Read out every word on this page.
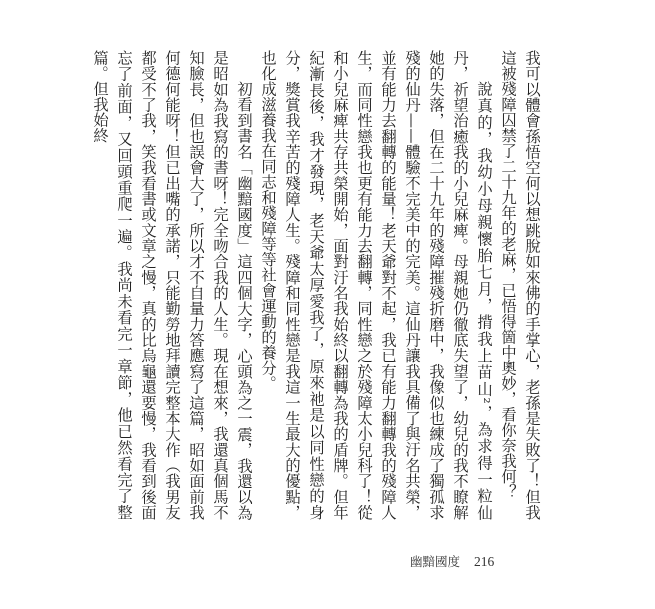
我可以體會孫悟空何以想跳脫如來佛的手掌心，老孫是失敗了！但我這被殘障囚禁了二十九年的老麻，已悟得箇中奧妙，看你奈我何？

說真的，我幼小母親懷胎七月，揹我上苗山²，為求得一粒仙丹，祈望治癒我的小兒麻痺。母親她仍徹底失望了，幼兒的我不瞭解她的失落，但在二十九年的殘障摧殘折磨中，我像似也練成了獨孤求殘的仙丹——體驗不完美中的完美。這仙丹讓我具備了與汙名共榮，並有能力去翻轉的能量！老天爺對不起，我已有能力翻轉我的殘障人生，而同性戀我也更有能力去翻轉，同性戀之於殘障太小兒科了！從和小兒麻痺共存共榮開始，面對汙名我始終以翻轉為我的盾牌。但年紀漸長後，我才發現，老天爺太厚愛我了，原來祂是以同性戀的身分，獎賞我辛苦的殘障人生。殘障和同性戀是我這一生最大的優點，也化成滋養我在同志和殘障等等社會運動的養分。

初看到書名「幽黯國度」這四個大字，心頭為之一震，我還以為是昭如為我寫的書呀！完全吻合我的人生。現在想來，我還真個馬不知臉長，但也誤會大了，所以才不自量力答應寫了這篇，昭如面前我何德何能呀！但已出嘴的承諾，只能勤勞地拜讀完整本大作（我男友都受不了我，笑我看書或文章之慢，真的比烏龜還要慢，我看到後面忘了前面，又回頭重爬一遍。我尚未看完一章節，他已然看完了整篇。但我始終

幽黯國度 216
